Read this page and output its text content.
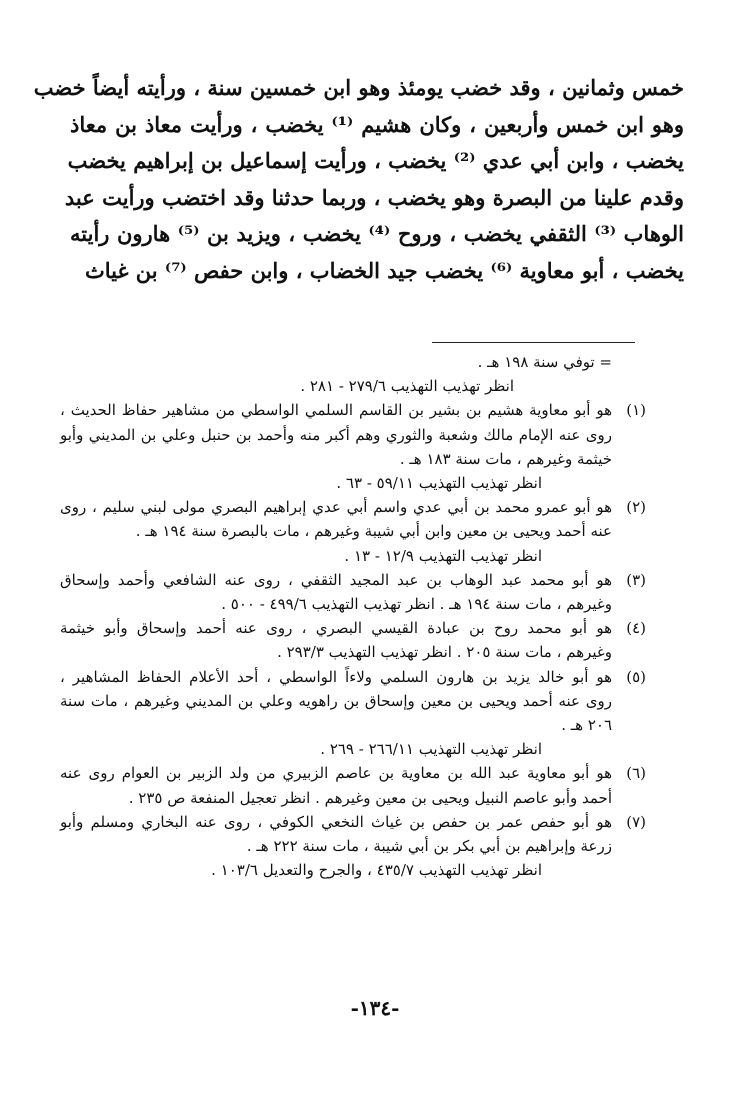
خمس وثمانين ، وقد خضب يومئذ وهو ابن خمسين سنة ، ورأيته أيضاً خضب
وهو ابن خمس وأربعين ، وكان هشيم ⁽¹⁾ يخضب ، ورأيت معاذ بن معاذ
يخضب ، وابن أبي عدي ⁽²⁾ يخضب ، ورأيت إسماعيل بن إبراهيم يخضب
وقدم علينا من البصرة وهو يخضب ، وربما حدثنا وقد اختضب ورأيت عبد
الوهاب ⁽³⁾ الثقفي يخضب ، وروح ⁽⁴⁾ يخضب ، ويزيد بن ⁽⁵⁾ هارون رأيته
يخضب ، أبو معاوية ⁽⁶⁾ يخضب جيد الخضاب ، وابن حفص ⁽⁷⁾ بن غياث
= توفي سنة ١٩٨ هـ .
انظر تهذيب التهذيب ٢٧٩/٦ - ٢٨١ .
(١)
هو أبو معاوية هشيم بن بشير بن القاسم السلمي الواسطي من مشاهير حفاظ الحديث ،
روى عنه الإمام مالك وشعبة والثوري وهم أكبر منه وأحمد بن حنبل وعلي بن المديني وأبو
خيثمة وغيرهم ، مات سنة ١٨٣ هـ .
انظر تهذيب التهذيب ٥٩/١١ - ٦٣ .
(٢)
هو أبو عمرو محمد بن أبي عدي واسم أبي عدي إبراهيم البصري مولى لبني سليم ، روى
عنه أحمد ويحيى بن معين وابن أبي شيبة وغيرهم ، مات بالبصرة سنة ١٩٤ هـ .
انظر تهذيب التهذيب ١٢/٩ - ١٣ .
(٣)
هو أبو محمد عبد الوهاب بن عبد المجيد الثقفي ، روى عنه الشافعي وأحمد وإسحاق
وغيرهم ، مات سنة ١٩٤ هـ . انظر تهذيب التهذيب ٤٩٩/٦ - ٥٠٠ .
(٤)
هو أبو محمد روح بن عبادة القيسي البصري ، روى عنه أحمد وإسحاق وأبو خيثمة
وغيرهم ، مات سنة ٢٠٥ . انظر تهذيب التهذيب ٢٩٣/٣ .
(٥)
هو أبو خالد يزيد بن هارون السلمي ولاءاً الواسطي ، أحد الأعلام الحفاظ المشاهير ،
روى عنه أحمد ويحيى بن معين وإسحاق بن راهويه وعلي بن المديني وغيرهم ، مات سنة
٢٠٦ هـ .
انظر تهذيب التهذيب ٢٦٦/١١ - ٢٦٩ .
(٦)
هو أبو معاوية عبد الله بن معاوية بن عاصم الزبيري من ولد الزبير بن العوام روى عنه
أحمد وأبو عاصم النبيل ويحيى بن معين وغيرهم . انظر تعجيل المنفعة ص ٢٣٥ .
(٧)
هو أبو حفص عمر بن حفص بن غياث النخعي الكوفي ، روى عنه البخاري ومسلم وأبو
زرعة وإبراهيم بن أبي بكر بن أبي شيبة ، مات سنة ٢٢٢ هـ .
انظر تهذيب التهذيب ٤٣٥/٧ ، والجرح والتعديل ١٠٣/٦ .
-١٣٤-
